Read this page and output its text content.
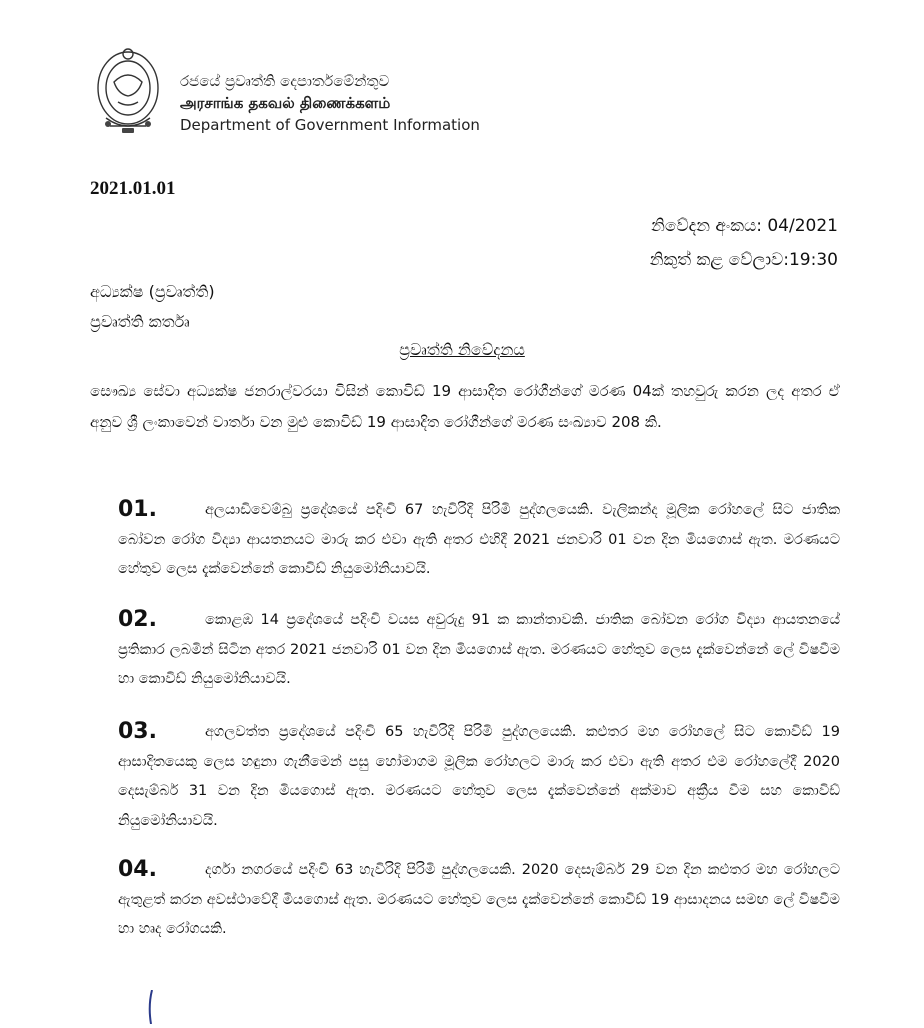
රජයේ ප්‍රවෘත්ති දෙපාර්තමේන්තුව
அரசாங்க தகவல் திணைக்களம்
Department of Government Information
2021.01.01
නිවේදන අංකය: 04/2021
නිකුත් කළ වේලාව:19:30
අධ්‍යක්ෂ (ප්‍රවෘත්ති)
ප්‍රවෘත්ති කර්තෘ
ප්‍රවෘත්ති නිවේදනය
සෞඛ්‍ය සේවා අධ්‍යක්ෂ ජනරාල්වරයා විසින් කොවිඩ් 19 ආසාදිත රෝගීන්ගේ මරණ 04ක් තහවුරු කරන ලද අතර ඒ අනුව ශ්‍රී ලංකාවෙන් වාර්තා වන මුළු කොවිඩ් 19 ආසාදිත රෝගීන්ගේ මරණ සංඛ්‍යාව 208 කි.
01.	අලයාඩිවෙම්බු ප්‍රදේශයේ පදිංචි 67 හැවිරිදි පිරිමි පුද්ගලයෙකි. වැලිකන්ද මූලික රෝහලේ සිට ජාතික බෝවන රෝග විද්‍යා ආයතනයට මාරු කර එවා ඇති අතර එහිදී 2021 ජනවාරි 01 වන දින මියගොස් ඇත. මරණයට හේතුව ලෙස දැක්වෙන්නේ කොවිඩ් නියුමෝනියාවයි.
02.	කොළඹ 14 ප්‍රදේශයේ පදිංචි වයස අවුරුදු 91 ක කාන්තාවකි. ජාතික බෝවන රෝග විද්‍යා ආයතනයේ ප්‍රතිකාර ලබමින් සිටින අතර 2021 ජනවාරි 01 වන දින මියගොස් ඇත. මරණයට හේතුව ලෙස දැක්වෙන්නේ ලේ විෂවීම හා කොවිඩ් නියුමෝනියාවයි.
03.	අගලවත්ත ප්‍රදේශයේ පදිංචි 65 හැවිරිදි පිරිමි පුද්ගලයෙකි. කළුතර මහ රෝහලේ සිට කොවිඩ් 19 ආසාදිතයෙකු ලෙස හඳුනා ගැනීමෙන් පසු හෝමාගම මූලික රෝහලට මාරු කර එවා ඇති අතර එම රෝහලේදී 2020 දෙසැම්බර් 31 වන දින මියගොස් ඇත. මරණයට හේතුව ලෙස දැක්වෙන්නේ අක්මාව අක්‍රීය වීම සහ කොවිඩ් නියුමෝනියාවයි.
04.	දර්ගා නගරයේ පදිංචි 63 හැවිරිදි පිරිමි පුද්ගලයෙකි. 2020 දෙසැම්බර් 29 වන දින කළුතර මහ රෝහලට ඇතුළත් කරන අවස්ථාවේදී මියගොස් ඇත. මරණයට හේතුව ලෙස දැක්වෙන්නේ කොවිඩ් 19 ආසාදනය සමඟ ලේ විෂවීම හා හෘද රෝගයකි.
